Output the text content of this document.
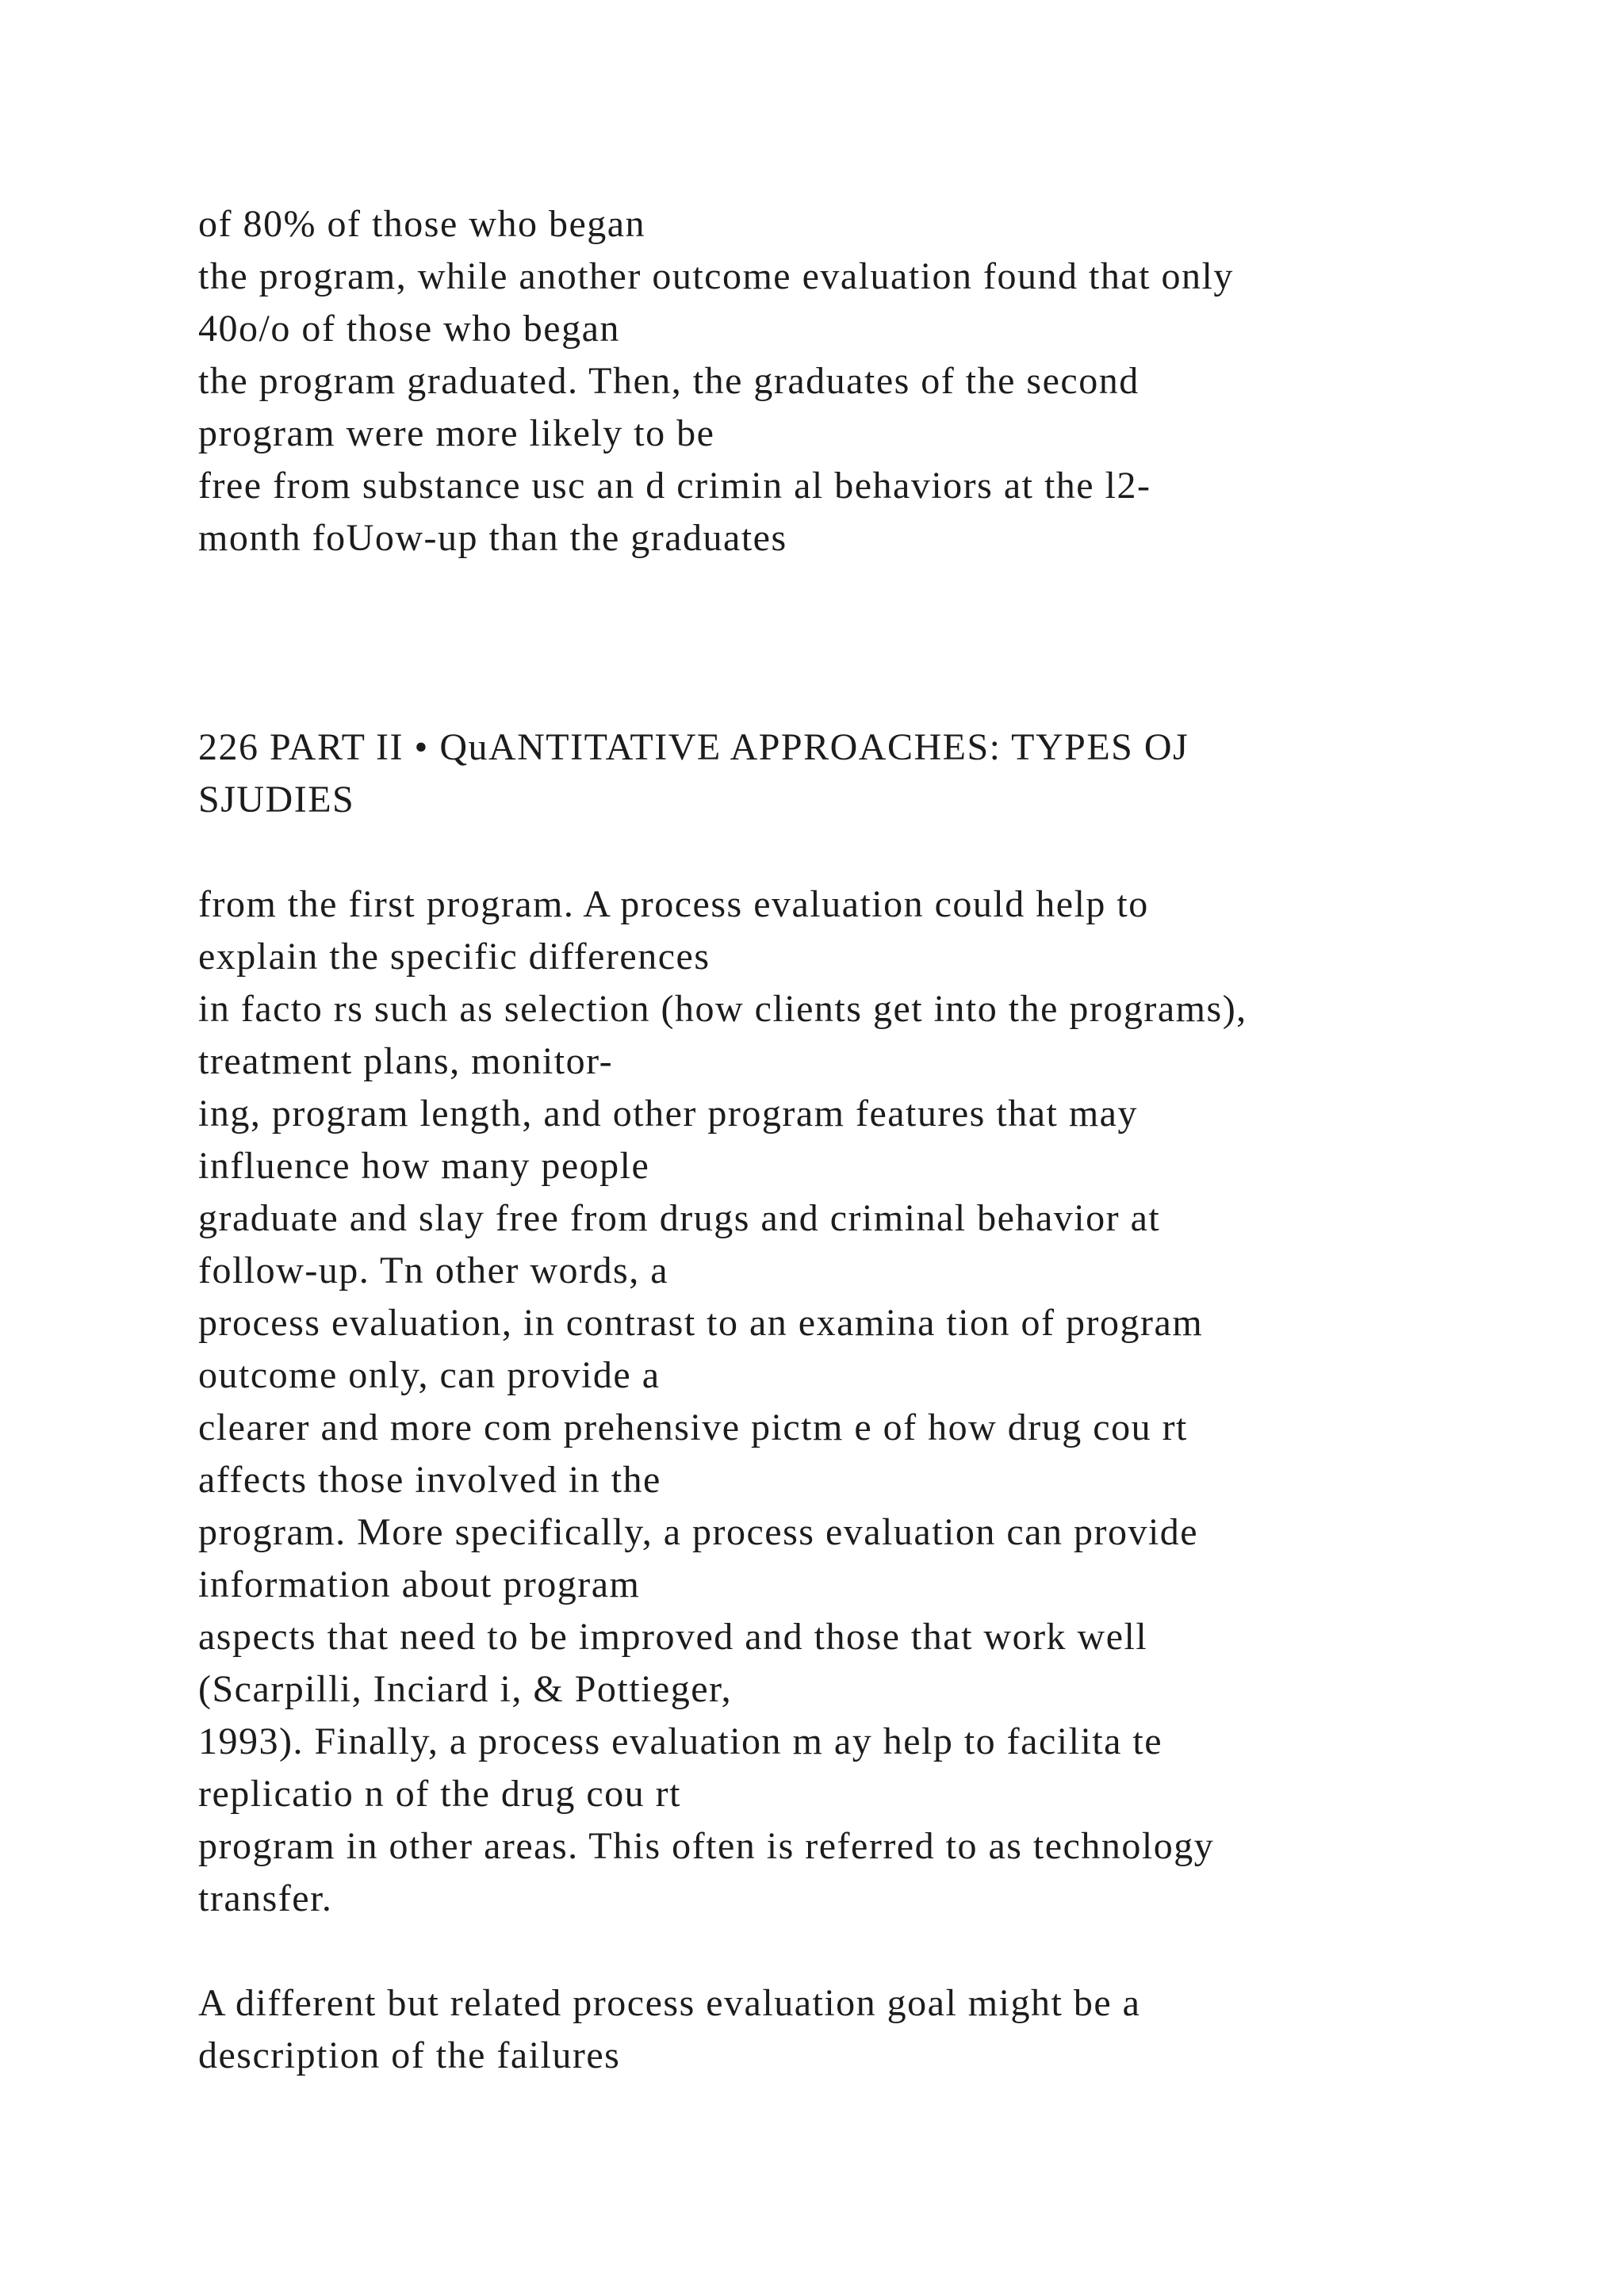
of 80% of those who began

the program, while another outcome evaluation found that only

40o/o of those who began

the program graduated. Then, the graduates of the second

program were more likely to be

free from substance usc an d crimin al behaviors at the l2-

month foUow-up than the graduates

226 PART II • QuANTITATIVE APPROACHES: TYPES OJ

SJUDIES

from the first program. A process evaluation could help to

explain the specific differences

in facto rs such as selection (how clients get into the programs),

treatment plans, monitor-

ing, program length, and other program features that may

influence how many people

graduate and slay free from drugs and criminal behavior at

follow-up. Tn other words, a

process evaluation, in contrast to an examina tion of program

outcome only, can provide a

clearer and more com prehensive pictm e of how drug cou rt

affects those involved in the

program. More specifically, a process evaluation can provide

information about program

aspects that need to be improved and those that work well

(Scarpilli, Inciard i, & Pottieger,

1993). Finally, a process evaluation m ay help to facilita te

replicatio n of the drug cou rt

program in other areas. This often is referred to as technology

transfer.

A different but related process evaluation goal might be a

description of the failures
